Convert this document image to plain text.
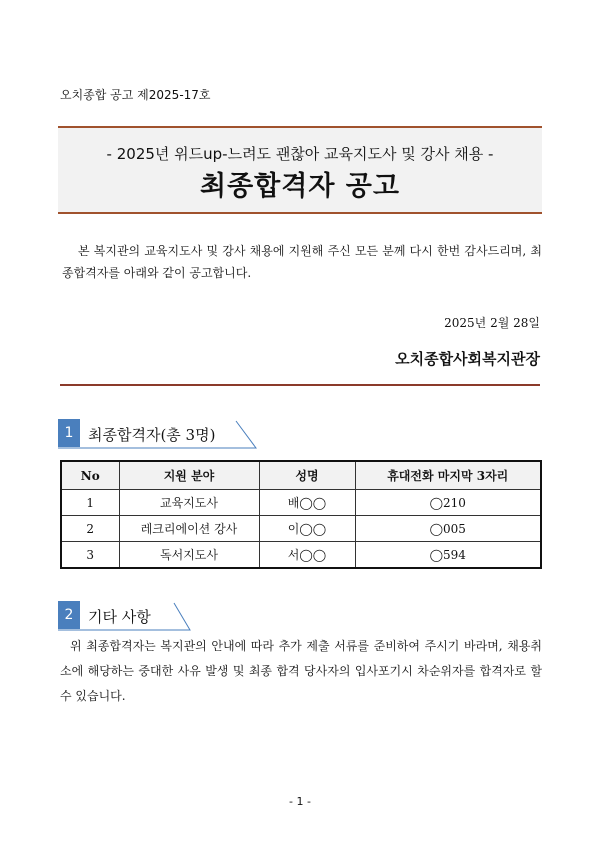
오치종합 공고 제2025-17호
- 2025년 위드up-느려도 괜찮아 교육지도사 및 강사 채용 -
최종합격자 공고
본 복지관의 교육지도사 및 강사 채용에 지원해 주신 모든 분께 다시 한번 감사드리며, 최종합격자를 아래와 같이 공고합니다.
2025년 2월 28일
오치종합사회복지관장
1 최종합격자(총 3명)
No	지원 분야	성명	휴대전화 마지막 3자리
1	교육지도사	배◯◯	◯210
2	레크리에이션 강사	이◯◯	◯005
3	독서지도사	서◯◯	◯594
2 기타 사항
위 최종합격자는 복지관의 안내에 따라 추가 제출 서류를 준비하여 주시기 바라며, 채용취소에 해당하는 중대한 사유 발생 및 최종 합격 당사자의 입사포기시 차순위자를 합격자로 할 수 있습니다.
- 1 -
